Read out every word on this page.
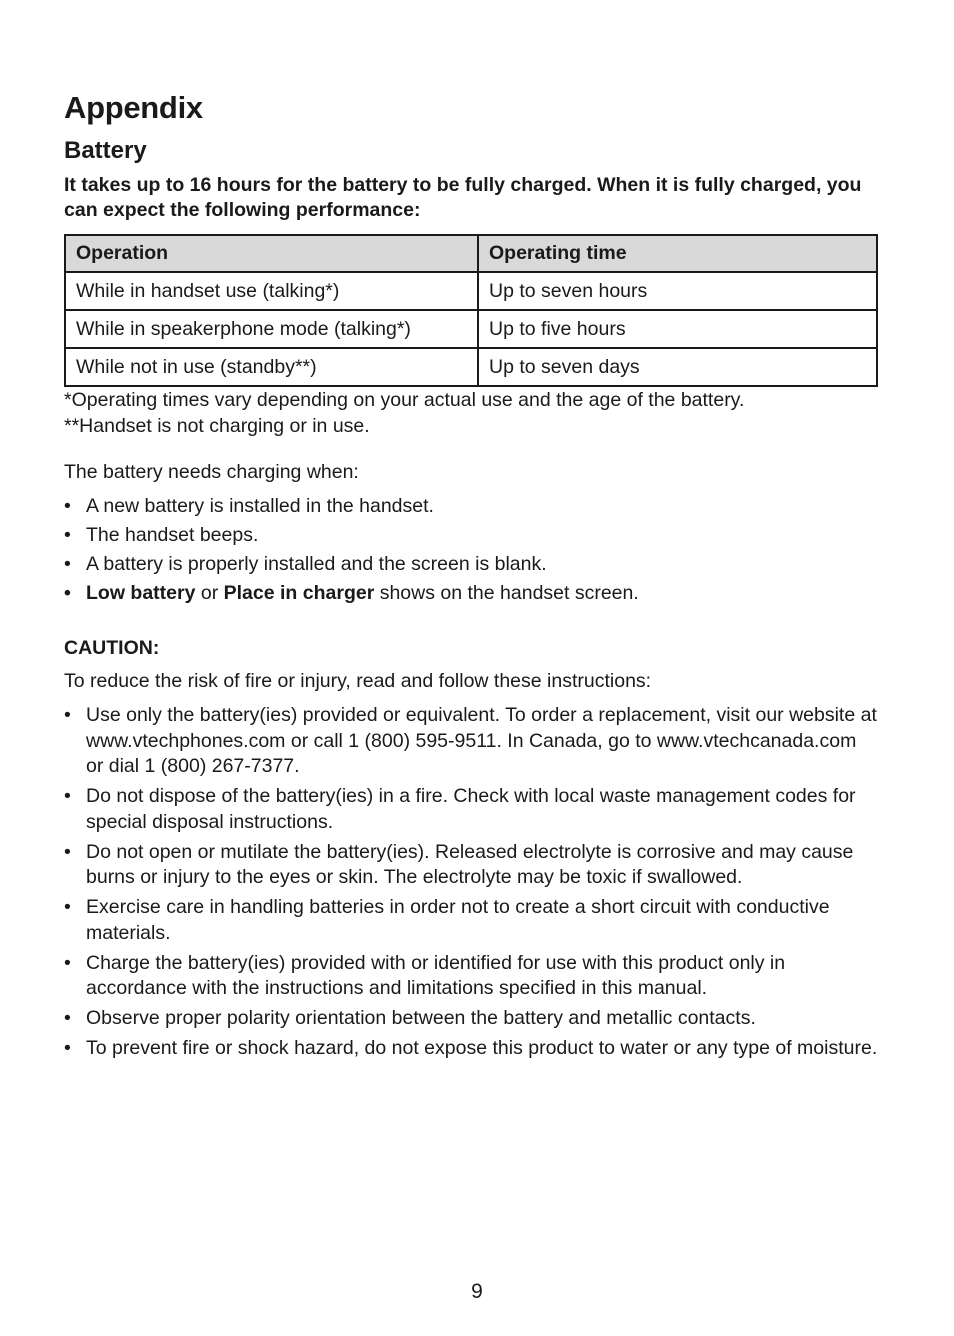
Appendix
Battery

It takes up to 16 hours for the battery to be fully charged. When it is fully charged, you can expect the following performance:

Operation	Operating time
While in handset use (talking*)	Up to seven hours
While in speakerphone mode (talking*)	Up to five hours
While not in use (standby**)	Up to seven days

*Operating times vary depending on your actual use and the age of the battery.

**Handset is not charging or in use.

The battery needs charging when:

• A new battery is installed in the handset.
• The handset beeps.
• A battery is properly installed and the screen is blank.
• Low battery or Place in charger shows on the handset screen.

CAUTION:

To reduce the risk of fire or injury, read and follow these instructions:

• Use only the battery(ies) provided or equivalent. To order a replacement, visit our website at www.vtechphones.com or call 1 (800) 595-9511. In Canada, go to www.vtechcanada.com or dial 1 (800) 267-7377.
• Do not dispose of the battery(ies) in a fire. Check with local waste management codes for special disposal instructions.
• Do not open or mutilate the battery(ies). Released electrolyte is corrosive and may cause burns or injury to the eyes or skin. The electrolyte may be toxic if swallowed.
• Exercise care in handling batteries in order not to create a short circuit with conductive materials.
• Charge the battery(ies) provided with or identified for use with this product only in accordance with the instructions and limitations specified in this manual.
• Observe proper polarity orientation between the battery and metallic contacts.
• To prevent fire or shock hazard, do not expose this product to water or any type of moisture.
9
